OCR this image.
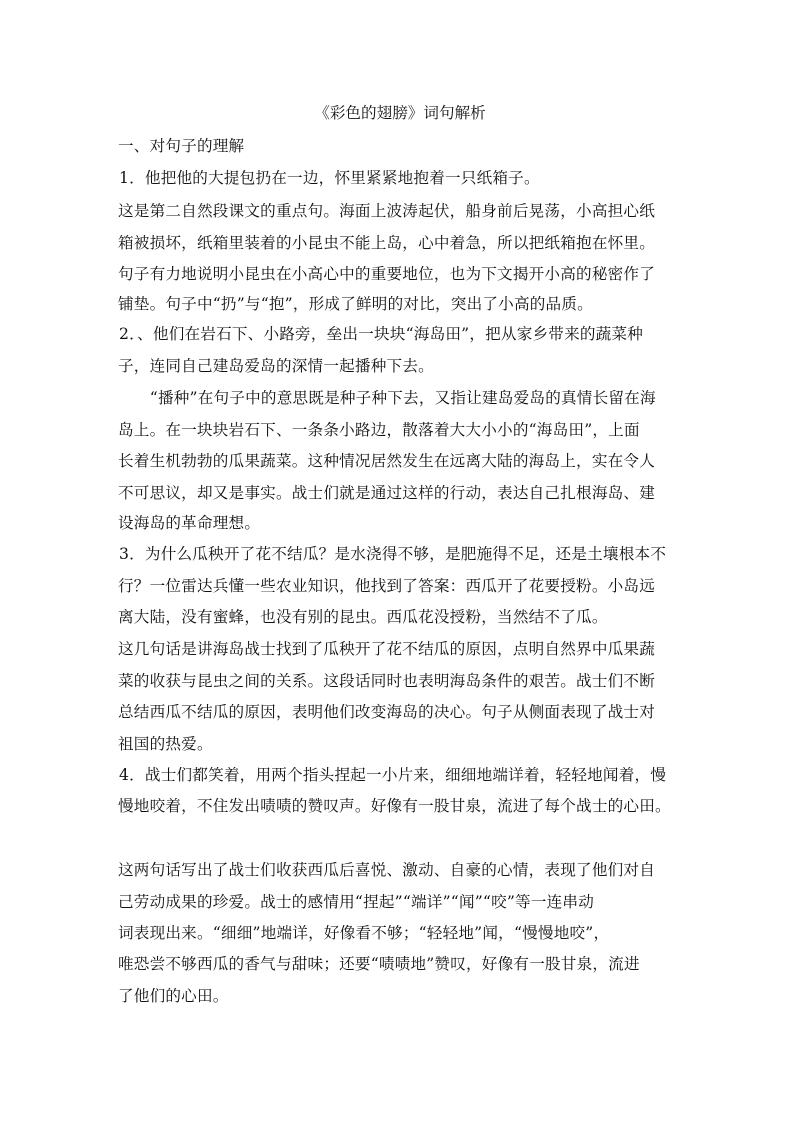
《彩色的翅膀》词句解析
一、对句子的理解
1．他把他的大提包扔在一边，怀里紧紧地抱着一只纸箱子。
这是第二自然段课文的重点句。海面上波涛起伏，船身前后晃荡，小高担心纸
箱被损坏，纸箱里装着的小昆虫不能上岛，心中着急，所以把纸箱抱在怀里。
句子有力地说明小昆虫在小高心中的重要地位，也为下文揭开小高的秘密作了
铺垫。句子中“扔”与“抱”，形成了鲜明的对比，突出了小高的品质。
2．、他们在岩石下、小路旁，垒出一块块“海岛田”，把从家乡带来的蔬菜种
子，连同自己建岛爱岛的深情一起播种下去。
　“播种”在句子中的意思既是种子种下去，又指让建岛爱岛的真情长留在海
岛上。在一块块岩石下、一条条小路边，散落着大大小小的“海岛田”，上面
长着生机勃勃的瓜果蔬菜。这种情况居然发生在远离大陆的海岛上，实在令人
不可思议，却又是事实。战士们就是通过这样的行动，表达自己扎根海岛、建
设海岛的革命理想。
3．为什么瓜秧开了花不结瓜？是水浇得不够，是肥施得不足，还是土壤根本不
行？一位雷达兵懂一些农业知识，他找到了答案：西瓜开了花要授粉。小岛远
离大陆，没有蜜蜂，也没有别的昆虫。西瓜花没授粉，当然结不了瓜。
这几句话是讲海岛战士找到了瓜秧开了花不结瓜的原因，点明自然界中瓜果蔬
菜的收获与昆虫之间的关系。这段话同时也表明海岛条件的艰苦。战士们不断
总结西瓜不结瓜的原因，表明他们改变海岛的决心。句子从侧面表现了战士对
祖国的热爱。
4．战士们都笑着，用两个指头捏起一小片来，细细地端详着，轻轻地闻着，慢
慢地咬着，不住发出啧啧的赞叹声。好像有一股甘泉，流进了每个战士的心田。
这两句话写出了战士们收获西瓜后喜悦、激动、自豪的心情，表现了他们对自
己劳动成果的珍爱。战士的感情用“捏起”“端详”“闻”“咬”等一连串动
词表现出来。“细细”地端详，好像看不够；“轻轻地”闻，“慢慢地咬”，
唯恐尝不够西瓜的香气与甜味；还要“啧啧地”赞叹，好像有一股甘泉，流进
了他们的心田。
